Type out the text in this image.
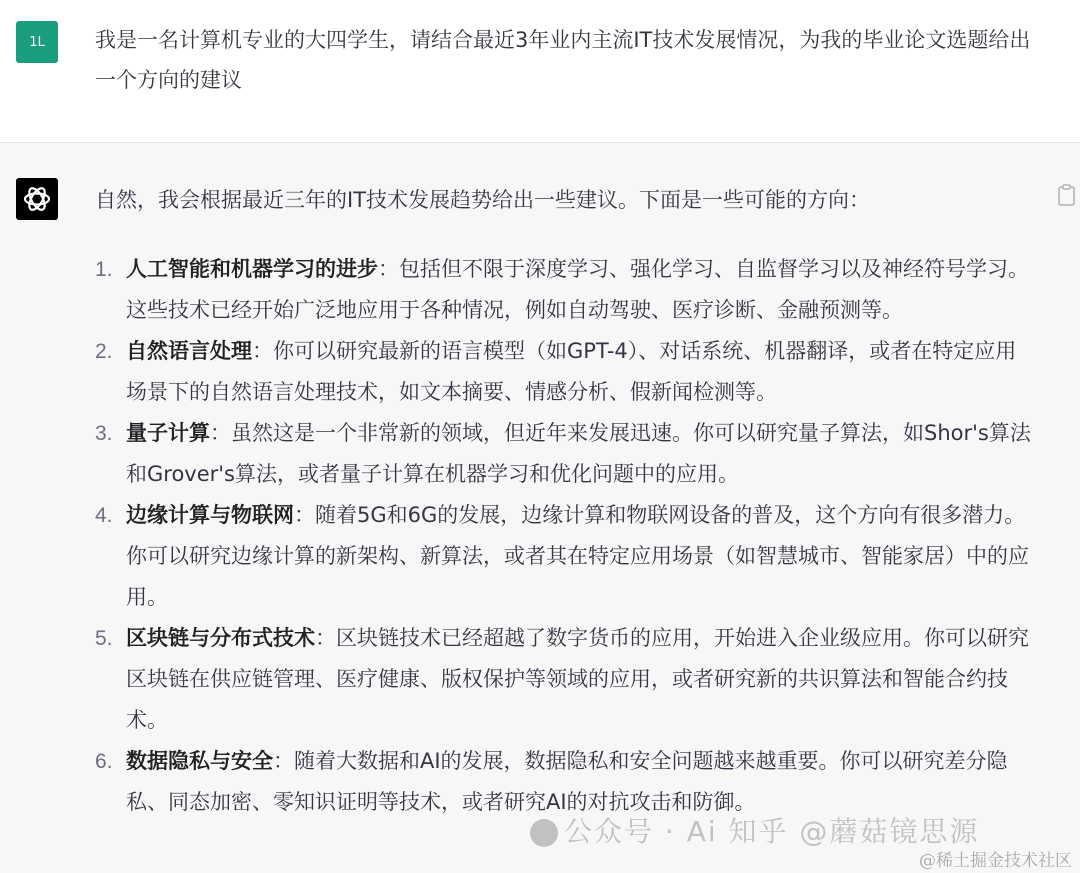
1L 我是一名计算机专业的大四学生，请结合最近3年业内主流IT技术发展情况，为我的毕业论文选题给出一个方向的建议
自然，我会根据最近三年的IT技术发展趋势给出一些建议。下面是一些可能的方向：
1. 人工智能和机器学习的进步：包括但不限于深度学习、强化学习、自监督学习以及神经符号学习。这些技术已经开始广泛地应用于各种情况，例如自动驾驶、医疗诊断、金融预测等。
2. 自然语言处理：你可以研究最新的语言模型（如GPT-4）、对话系统、机器翻译，或者在特定应用场景下的自然语言处理技术，如文本摘要、情感分析、假新闻检测等。
3. 量子计算：虽然这是一个非常新的领域，但近年来发展迅速。你可以研究量子算法，如Shor's算法和Grover's算法，或者量子计算在机器学习和优化问题中的应用。
4. 边缘计算与物联网：随着5G和6G的发展，边缘计算和物联网设备的普及，这个方向有很多潜力。你可以研究边缘计算的新架构、新算法，或者其在特定应用场景（如智慧城市、智能家居）中的应用。
5. 区块链与分布式技术：区块链技术已经超越了数字货币的应用，开始进入企业级应用。你可以研究区块链在供应链管理、医疗健康、版权保护等领域的应用，或者研究新的共识算法和智能合约技术。
6. 数据隐私与安全：随着大数据和AI的发展，数据隐私和安全问题越来越重要。你可以研究差分隐私、同态加密、零知识证明等技术，或者研究AI的对抗攻击和防御。
公众号 · Ai 知乎 @蘑菇镜思源
@稀土掘金技术社区
